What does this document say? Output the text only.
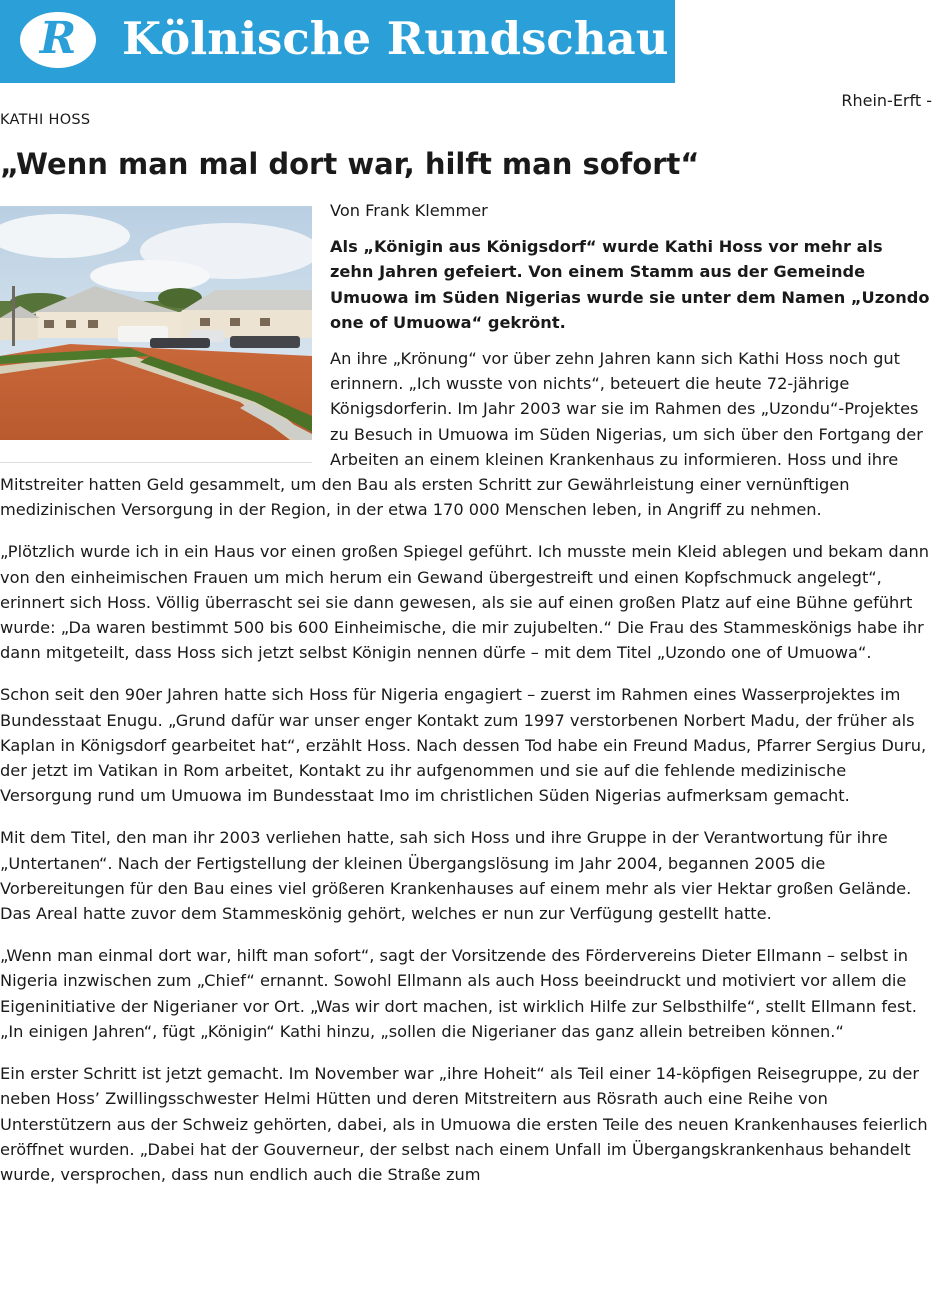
R Kölnische Rundschau
Rhein-Erft -
KATHI HOSS
„Wenn man mal dort war, hilft man sofort“

Von Frank Klemmer

Als „Königin aus Königsdorf“ wurde Kathi Hoss vor mehr als zehn Jahren gefeiert. Von einem Stamm aus der Gemeinde Umuowa im Süden Nigerias wurde sie unter dem Namen „Uzondo one of Umuowa“ gekrönt.

An ihre „Krönung“ vor über zehn Jahren kann sich Kathi Hoss noch gut erinnern. „Ich wusste von nichts“, beteuert die heute 72-jährige Königsdorferin. Im Jahr 2003 war sie im Rahmen des „Uzondu“-Projektes zu Besuch in Umuowa im Süden Nigerias, um sich über den Fortgang der Arbeiten an einem kleinen Krankenhaus zu informieren. Hoss und ihre Mitstreiter hatten Geld gesammelt, um den Bau als ersten Schritt zur Gewährleistung einer vernünftigen medizinischen Versorgung in der Region, in der etwa 170 000 Menschen leben, in Angriff zu nehmen.

„Plötzlich wurde ich in ein Haus vor einen großen Spiegel geführt. Ich musste mein Kleid ablegen und bekam dann von den einheimischen Frauen um mich herum ein Gewand übergestreift und einen Kopfschmuck angelegt“, erinnert sich Hoss. Völlig überrascht sei sie dann gewesen, als sie auf einen großen Platz auf eine Bühne geführt wurde: „Da waren bestimmt 500 bis 600 Einheimische, die mir zujubelten.“ Die Frau des Stammeskönigs habe ihr dann mitgeteilt, dass Hoss sich jetzt selbst Königin nennen dürfe – mit dem Titel „Uzondo one of Umuowa“.

Schon seit den 90er Jahren hatte sich Hoss für Nigeria engagiert – zuerst im Rahmen eines Wasserprojektes im Bundesstaat Enugu. „Grund dafür war unser enger Kontakt zum 1997 verstorbenen Norbert Madu, der früher als Kaplan in Königsdorf gearbeitet hat“, erzählt Hoss. Nach dessen Tod habe ein Freund Madus, Pfarrer Sergius Duru, der jetzt im Vatikan in Rom arbeitet, Kontakt zu ihr aufgenommen und sie auf die fehlende medizinische Versorgung rund um Umuowa im Bundesstaat Imo im christlichen Süden Nigerias aufmerksam gemacht.

Mit dem Titel, den man ihr 2003 verliehen hatte, sah sich Hoss und ihre Gruppe in der Verantwortung für ihre „Untertanen“. Nach der Fertigstellung der kleinen Übergangslösung im Jahr 2004, begannen 2005 die Vorbereitungen für den Bau eines viel größeren Krankenhauses auf einem mehr als vier Hektar großen Gelände. Das Areal hatte zuvor dem Stammeskönig gehört, welches er nun zur Verfügung gestellt hatte.

„Wenn man einmal dort war, hilft man sofort“, sagt der Vorsitzende des Fördervereins Dieter Ellmann – selbst in Nigeria inzwischen zum „Chief“ ernannt. Sowohl Ellmann als auch Hoss beeindruckt und motiviert vor allem die Eigeninitiative der Nigerianer vor Ort. „Was wir dort machen, ist wirklich Hilfe zur Selbsthilfe“, stellt Ellmann fest. „In einigen Jahren“, fügt „Königin“ Kathi hinzu, „sollen die Nigerianer das ganz allein betreiben können.“

Ein erster Schritt ist jetzt gemacht. Im November war „ihre Hoheit“ als Teil einer 14-köpfigen Reisegruppe, zu der neben Hoss’ Zwillingsschwester Helmi Hütten und deren Mitstreitern aus Rösrath auch eine Reihe von Unterstützern aus der Schweiz gehörten, dabei, als in Umuowa die ersten Teile des neuen Krankenhauses feierlich eröffnet wurden. „Dabei hat der Gouverneur, der selbst nach einem Unfall im Übergangskrankenhaus behandelt wurde, versprochen, dass nun endlich auch die Straße zum
